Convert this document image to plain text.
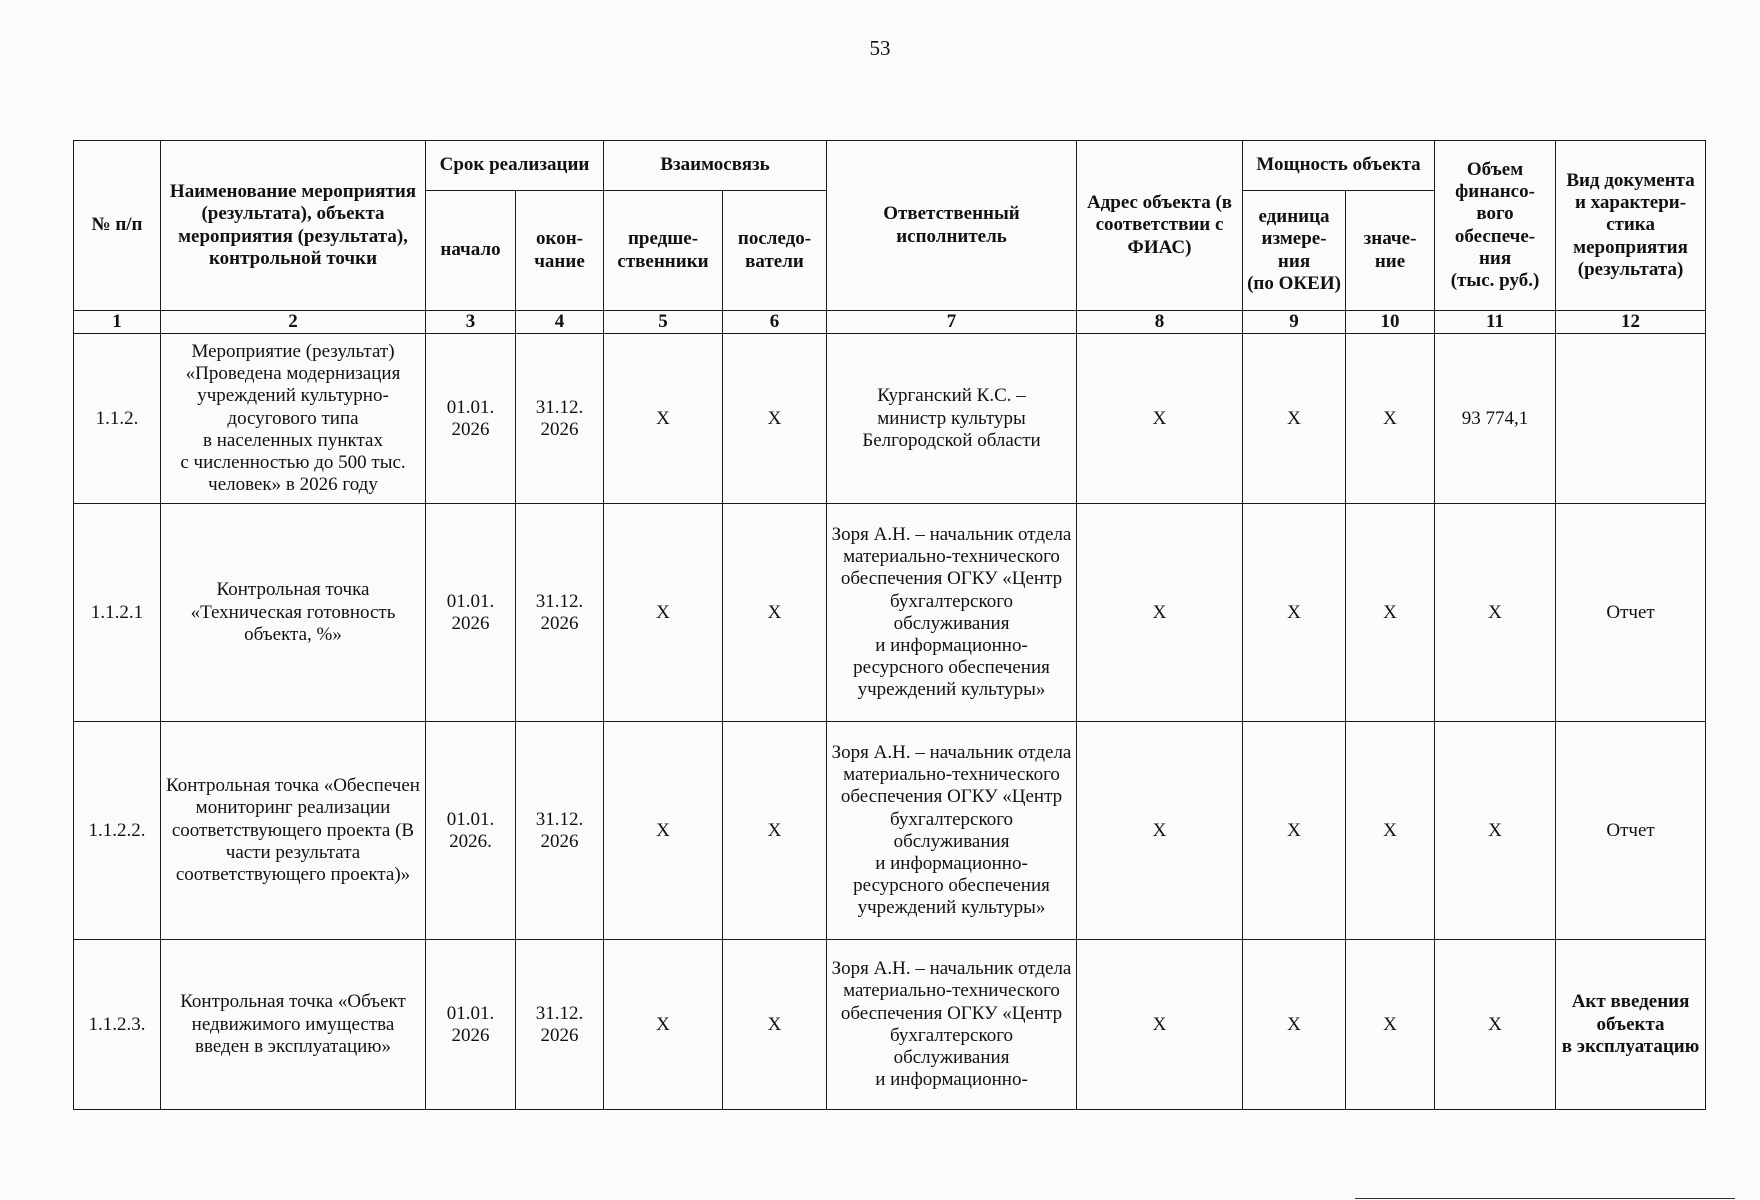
53
№ п/п	Наименование мероприятия (результата), объекта мероприятия (результата), контрольной точки	Срок реализации		Взаимосвязь		Ответственный исполнитель	Адрес объекта (в соответствии с ФИАС)	Мощность объекта		Объем финансо-
вого обеспече-
ния
(тыс. руб.)	Вид документа
и характери-
стика мероприятия (результата)
		начало	окон-
чание	предше-
ственники	последо-
ватели			единица измере-
ния
(по ОКЕИ)	значе-
ние		
1	2	3	4	5	6	7	8	9	10	11	12
1.1.2.	Мероприятие (результат)
«Проведена модернизация учреждений культурно-досугового типа
в населенных пунктах
с численностью до 500 тыс. человек» в 2026 году	01.01.
2026	31.12.
2026	X	X	Курганский К.С. –
министр культуры
Белгородской области	X	X	X	93 774,1	
1.1.2.1	Контрольная точка «Техническая готовность объекта, %»	01.01.
2026	31.12.
2026	X	X	Зоря А.Н. – начальник отдела материально-технического обеспечения ОГКУ «Центр бухгалтерского обслуживания
и информационно-ресурсного обеспечения учреждений культуры»	X	X	X	X	Отчет
1.1.2.2.	Контрольная точка «Обеспечен мониторинг реализации соответствующего проекта (В части результата соответствующего проекта)»	01.01.
2026.	31.12.
2026	X	X	Зоря А.Н. – начальник отдела материально-технического обеспечения ОГКУ «Центр бухгалтерского обслуживания
и информационно-ресурсного обеспечения учреждений культуры»	X	X	X	X	Отчет
1.1.2.3.	Контрольная точка «Объект недвижимого имущества введен в эксплуатацию»	01.01.
2026	31.12.
2026	X	X	Зоря А.Н. – начальник отдела материально-технического обеспечения ОГКУ «Центр бухгалтерского обслуживания
и информационно-	X	X	X	X	Акт введения объекта
в эксплуатацию
